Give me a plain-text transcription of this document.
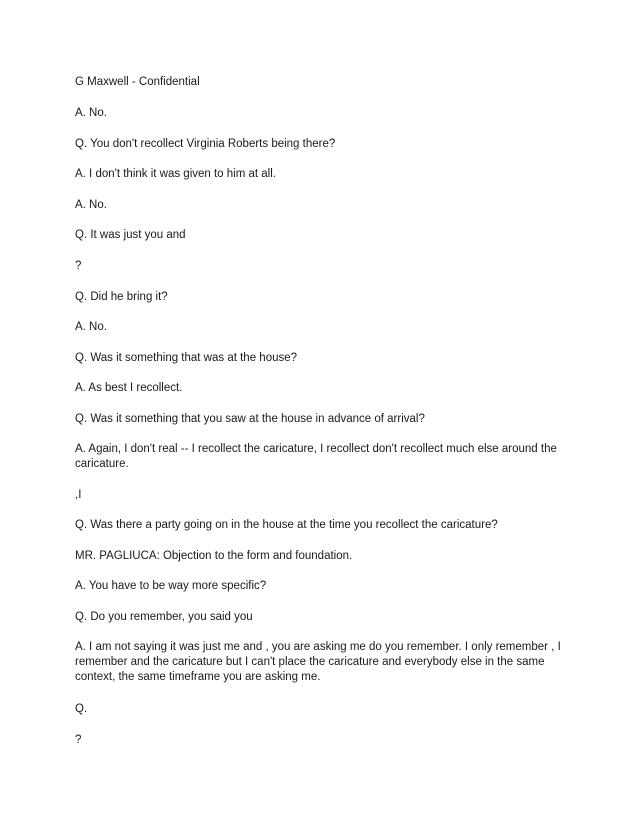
G Maxwell - Confidential

A. No.

Q. You don't recollect Virginia Roberts being there?

A. I don't think it was given to him at all.

A. No.

Q. It was just you and

?

Q. Did he bring it?

A. No.

Q. Was it something that was at the house?

A. As best I recollect.

Q. Was it something that you saw at the house in advance of arrival?

A. Again, I don't real -- I recollect the caricature, I recollect don't recollect much else around the caricature.

,I

Q. Was there a party going on in the house at the time you recollect the caricature?

MR. PAGLIUCA: Objection to the form and foundation.

A. You have to be way more specific?

Q. Do you remember, you said you

A. I am not saying it was just me and , you are asking me do you remember. I only remember , I remember and the caricature but I can't place the caricature and everybody else in the same context, the same timeframe you are asking me.

Q.

?
